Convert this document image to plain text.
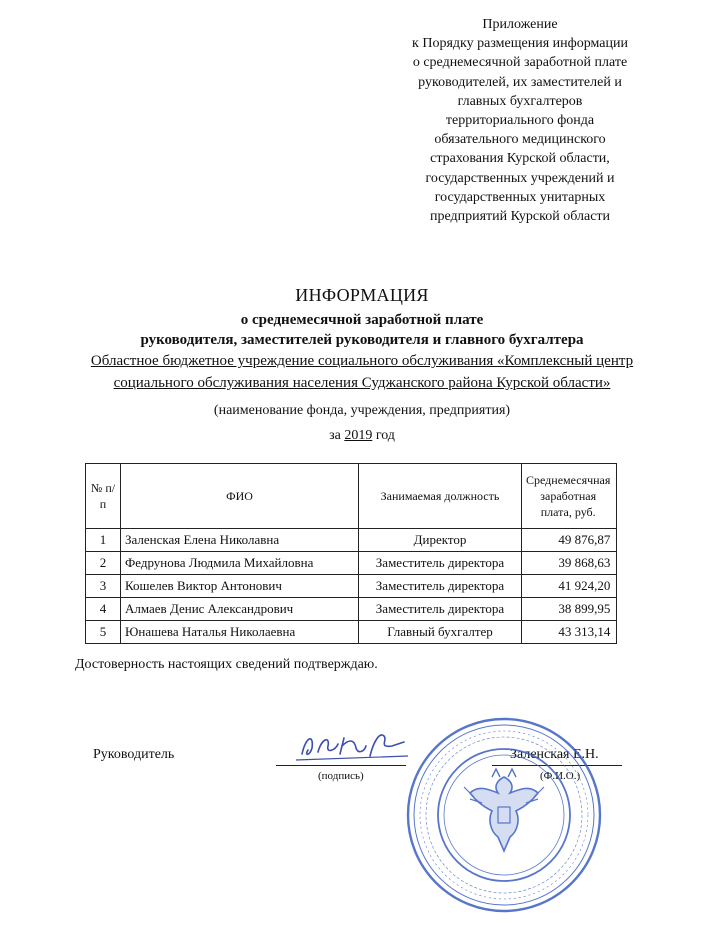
Приложение
к Порядку размещения информации
о среднемесячной заработной плате
руководителей, их заместителей и
главных бухгалтеров
территориального фонда
обязательного медицинского
страхования Курской области,
государственных учреждений и
государственных унитарных
предприятий Курской области
ИНФОРМАЦИЯ
о среднемесячной заработной плате
руководителя, заместителей руководителя и главного бухгалтера
Областное бюджетное учреждение социального обслуживания «Комплексный центр
социального обслуживания населения Суджанского района Курской области»
(наименование фонда, учреждения, предприятия)
за 2019 год
№ п/п	ФИО	Занимаемая должность	Среднемесячная заработная плата, руб.
1	Заленская Елена Николавна	Директор	49 876,87
2	Федрунова Людмила Михайловна	Заместитель директора	39 868,63
3	Кошелев Виктор Антонович	Заместитель директора	41 924,20
4	Алмаев Денис Александрович	Заместитель директора	38 899,95
5	Юнашева Наталья Николаевна	Главный бухгалтер	43 313,14
Достоверность настоящих сведений подтверждаю.
Руководитель
(подпись)
Заленская Е.Н.
(Ф.И.О.)
